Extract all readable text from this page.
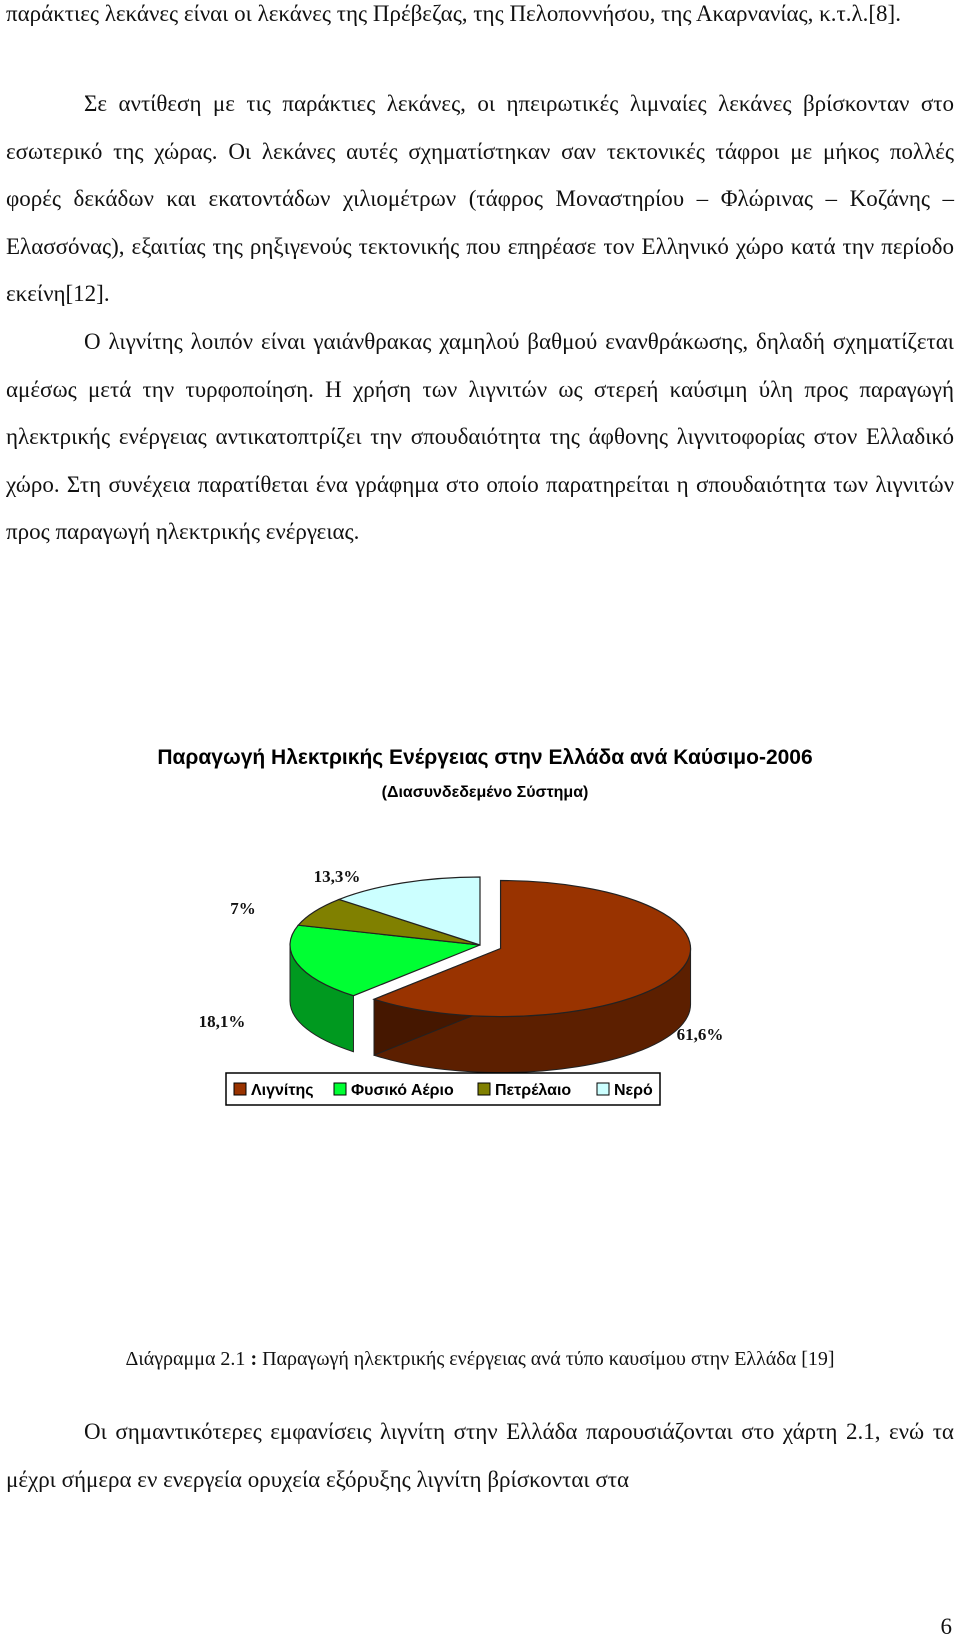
παράκτιες λεκάνες είναι οι λεκάνες της Πρέβεζας, της Πελοποννήσου, της Ακαρνανίας, κ.τ.λ.[8].

Σε αντίθεση με τις παράκτιες λεκάνες, οι ηπειρωτικές λιμναίες λεκάνες βρίσκονταν στο εσωτερικό της χώρας. Οι λεκάνες αυτές σχηματίστηκαν σαν τεκτονικές τάφροι με μήκος πολλές φορές δεκάδων και εκατοντάδων χιλιομέτρων (τάφρος Μοναστηρίου – Φλώρινας – Κοζάνης – Ελασσόνας), εξαιτίας της ρηξιγενούς τεκτονικής που επηρέασε τον Ελληνικό χώρο κατά την περίοδο εκείνη[12].

Ο λιγνίτης λοιπόν είναι γαιάνθρακας χαμηλού βαθμού ενανθράκωσης, δηλαδή σχηματίζεται αμέσως μετά την τυρφοποίηση. Η χρήση των λιγνιτών ως στερεή καύσιμη ύλη προς παραγωγή ηλεκτρικής ενέργειας αντικατοπτρίζει την σπουδαιότητα της άφθονης λιγνιτοφορίας στον Ελλαδικό χώρο. Στη συνέχεια παρατίθεται ένα γράφημα στο οποίο παρατηρείται η σπουδαιότητα των λιγνιτών προς παραγωγή ηλεκτρικής ενέργειας.

Παραγωγή Ηλεκτρικής Ενέργειας στην Ελλάδα ανά Καύσιμο-2006
(Διασυνδεδεμένο Σύστημα)
61,6%
18,1%
7%
13,3%
Λιγνίτης Φυσικό Αέριο	Πετρέλαιο	Νερό
Διάγραμμα 2.1 : Παραγωγή ηλεκτρικής ενέργειας ανά τύπο καυσίμου στην Ελλάδα [19]

Οι σημαντικότερες εμφανίσεις λιγνίτη στην Ελλάδα παρουσιάζονται στο χάρτη 2.1, ενώ τα μέχρι σήμερα εν ενεργεία ορυχεία εξόρυξης λιγνίτη βρίσκονται στα

6
